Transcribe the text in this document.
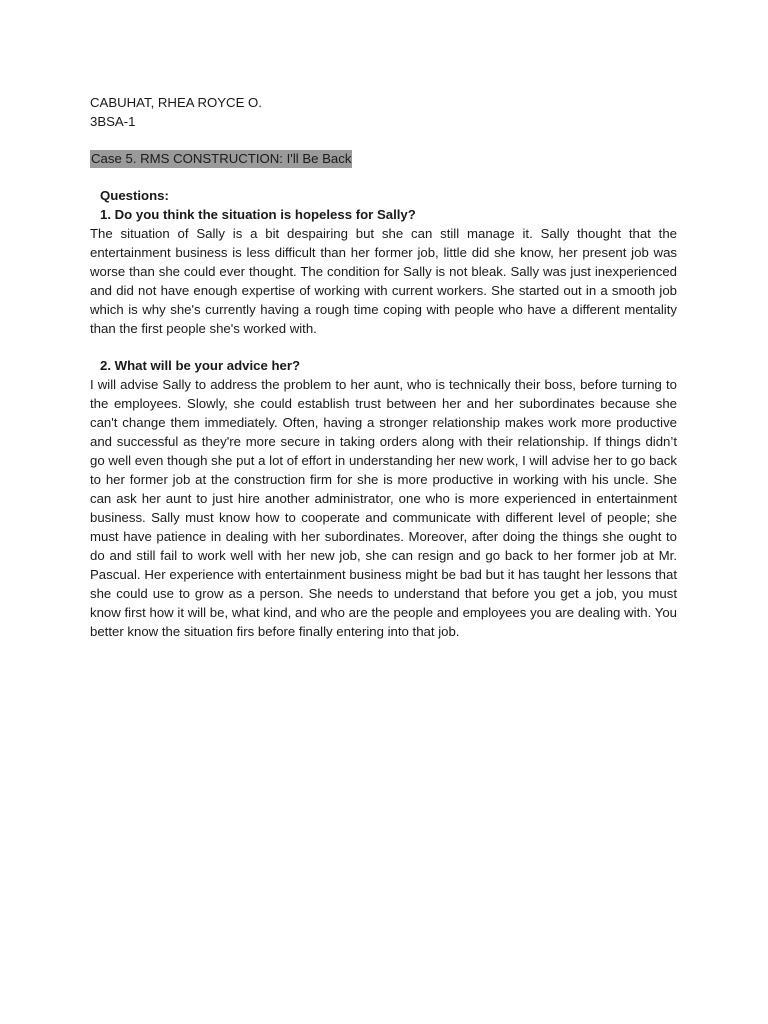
CABUHAT, RHEA ROYCE O.
3BSA-1
Case 5. RMS CONSTRUCTION: I'll Be Back
Questions:
1. Do you think the situation is hopeless for Sally?

The situation of Sally is a bit despairing but she can still manage it. Sally thought that the entertainment business is less difficult than her former job, little did she know, her present job was worse than she could ever thought. The condition for Sally is not bleak. Sally was just inexperienced and did not have enough expertise of working with current workers. She started out in a smooth job which is why she's currently having a rough time coping with people who have a different mentality than the first people she's worked with.

2. What will be your advice her?

I will advise Sally to address the problem to her aunt, who is technically their boss, before turning to the employees. Slowly, she could establish trust between her and her subordinates because she can't change them immediately. Often, having a stronger relationship makes work more productive and successful as they're more secure in taking orders along with their relationship. If things didn’t go well even though she put a lot of effort in understanding her new work, I will advise her to go back to her former job at the construction firm for she is more productive in working with his uncle. She can ask her aunt to just hire another administrator, one who is more experienced in entertainment business. Sally must know how to cooperate and communicate with different level of people; she must have patience in dealing with her subordinates. Moreover, after doing the things she ought to do and still fail to work well with her new job, she can resign and go back to her former job at Mr. Pascual. Her experience with entertainment business might be bad but it has taught her lessons that she could use to grow as a person. She needs to understand that before you get a job, you must know first how it will be, what kind, and who are the people and employees you are dealing with. You better know the situation firs before finally entering into that job.
